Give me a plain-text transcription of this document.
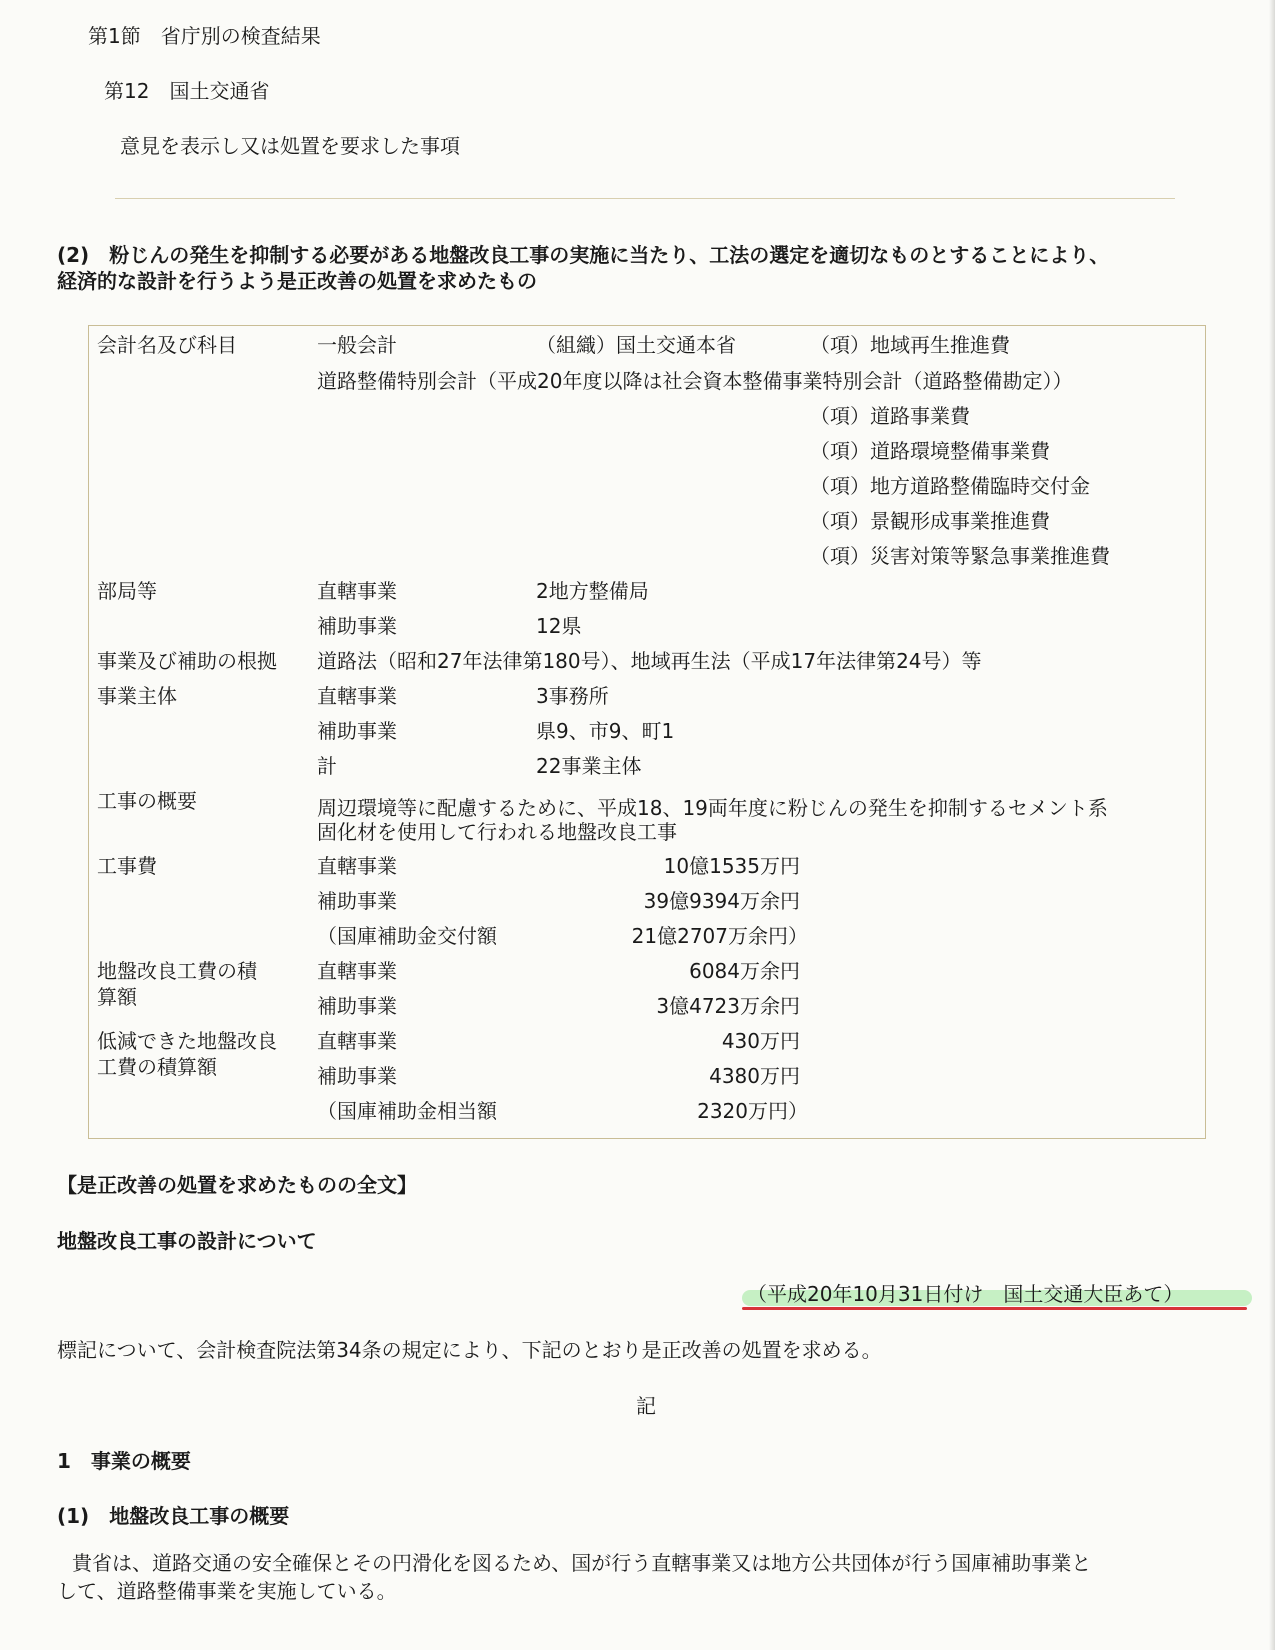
第1節　省庁別の検査結果
第12　国土交通省
意見を表示し又は処置を要求した事項
(2)　粉じんの発生を抑制する必要がある地盤改良工事の実施に当たり、工法の選定を適切なものとすることにより、
経済的な設計を行うよう是正改善の処置を求めたもの
会計名及び科目	一般会計	（組織）国土交通本省	（項）地域再生推進費
道路整備特別会計（平成20年度以降は社会資本整備事業特別会計（道路整備勘定））
（項）道路事業費
（項）道路環境整備事業費
（項）地方道路整備臨時交付金
（項）景観形成事業推進費
（項）災害対策等緊急事業推進費
部局等	直轄事業	2地方整備局
補助事業	12県
事業及び補助の根拠 道路法（昭和27年法律第180号）、地域再生法（平成17年法律第24号）等
事業主体	直轄事業	3事務所
補助事業	県9、市9、町1
計	22事業主体
工事の概要	周辺環境等に配慮するために、平成18、19両年度に粉じんの発生を抑制するセメント系
固化材を使用して行われる地盤改良工事
工事費	直轄事業	10億1535万円
補助事業	39億9394万余円
（国庫補助金交付額	21億2707万余円）
地盤改良工費の積
算額
直轄事業	6084万余円
補助事業	3億4723万余円
低減できた地盤改良
工費の積算額
直轄事業	430万円
補助事業	4380万円
（国庫補助金相当額	2320万円）
【是正改善の処置を求めたものの全文】
地盤改良工事の設計について
（平成20年10月31日付け　国土交通大臣あて）
標記について、会計検査院法第34条の規定により、下記のとおり是正改善の処置を求める。
記
1　事業の概要
(1)　地盤改良工事の概要
貴省は、道路交通の安全確保とその円滑化を図るため、国が行う直轄事業又は地方公共団体が行う国庫補助事業と
して、道路整備事業を実施している。
